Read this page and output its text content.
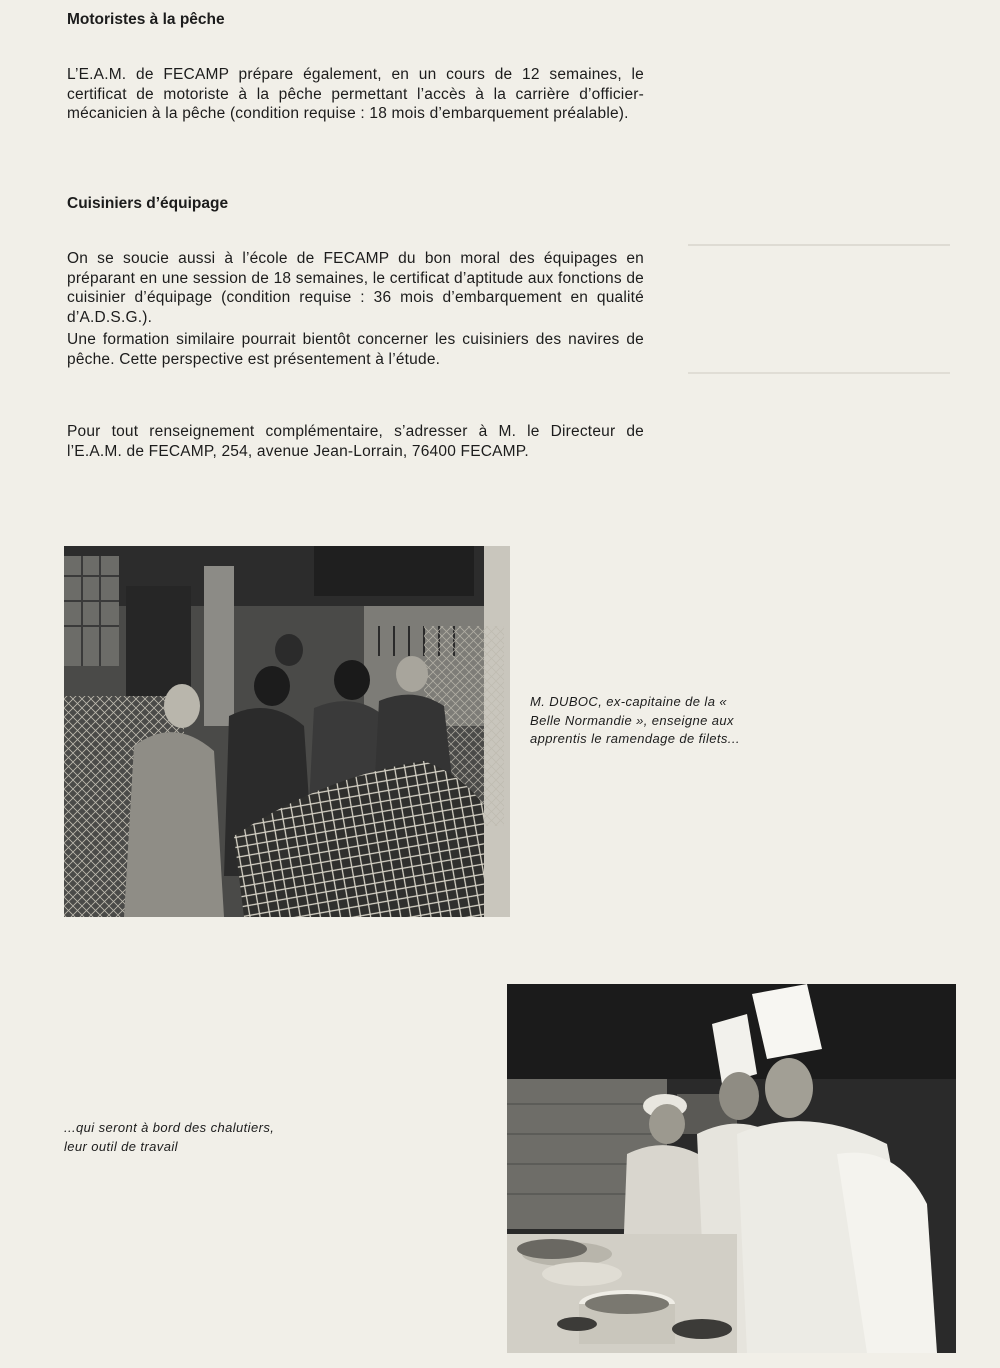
Motoristes à la pêche

L’E.A.M. de FECAMP prépare également, en un cours de 12 semaines, le certificat de motoriste à la pêche permettant l’accès à la carrière d’officier-mécanicien à la pêche (condition requise : 18 mois d’embarquement préalable).

Cuisiniers d’équipage

On se soucie aussi à l’école de FECAMP du bon moral des équipages en préparant en une session de 18 semaines, le certificat d’aptitude aux fonctions de cuisinier d’équipage (condition requise : 36 mois d’embarquement en qualité d’A.D.S.G.).

Une formation similaire pourrait bientôt concerner les cuisiniers des navires de pêche. Cette perspective est présentement à l’étude.

Pour tout renseignement complémentaire, s’adresser à M. le Directeur de l’E.A.M. de FECAMP, 254, avenue Jean-Lorrain, 76400 FECAMP.

M. DUBOC, ex-capitaine de la « Belle Normandie », enseigne aux apprentis le ramendage de filets...

...qui seront à bord des chalutiers, leur outil de travail
